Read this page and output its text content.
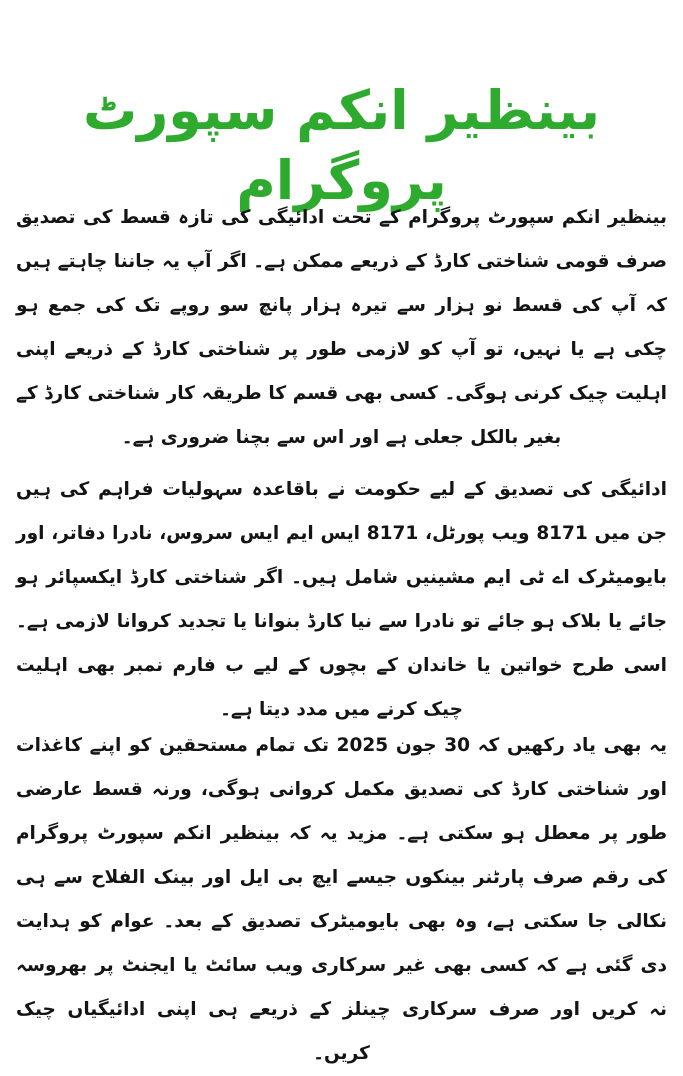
بینظیر انکم سپورٹ پروگرام

بینظیر انکم سپورٹ پروگرام کے تحت ادائیگی کی تازہ قسط کی تصدیق صرف قومی شناختی کارڈ کے ذریعے ممکن ہے۔ اگر آپ یہ جاننا چاہتے ہیں کہ آپ کی قسط نو ہزار سے تیرہ ہزار پانچ سو روپے تک کی جمع ہو چکی ہے یا نہیں، تو آپ کو لازمی طور پر شناختی کارڈ کے ذریعے اپنی اہلیت چیک کرنی ہوگی۔ کسی بھی قسم کا طریقہ کار شناختی کارڈ کے بغیر بالکل جعلی ہے اور اس سے بچنا ضروری ہے۔

ادائیگی کی تصدیق کے لیے حکومت نے باقاعدہ سہولیات فراہم کی ہیں جن میں 8171 ویب پورٹل، 8171 ایس ایم ایس سروس، نادرا دفاتر، اور بایومیٹرک اے ٹی ایم مشینیں شامل ہیں۔ اگر شناختی کارڈ ایکسپائر ہو جائے یا بلاک ہو جائے تو نادرا سے نیا کارڈ بنوانا یا تجدید کروانا لازمی ہے۔ اسی طرح خواتین یا خاندان کے بچوں کے لیے ب فارم نمبر بھی اہلیت چیک کرنے میں مدد دیتا ہے۔

یہ بھی یاد رکھیں کہ 30 جون 2025 تک تمام مستحقین کو اپنے کاغذات اور شناختی کارڈ کی تصدیق مکمل کروانی ہوگی، ورنہ قسط عارضی طور پر معطل ہو سکتی ہے۔ مزید یہ کہ بینظیر انکم سپورٹ پروگرام کی رقم صرف پارٹنر بینکوں جیسے ایچ بی ایل اور بینک الفلاح سے ہی نکالی جا سکتی ہے، وہ بھی بایومیٹرک تصدیق کے بعد۔ عوام کو ہدایت دی گئی ہے کہ کسی بھی غیر سرکاری ویب سائٹ یا ایجنٹ پر بھروسہ نہ کریں اور صرف سرکاری چینلز کے ذریعے ہی اپنی ادائیگیاں چیک کریں۔
